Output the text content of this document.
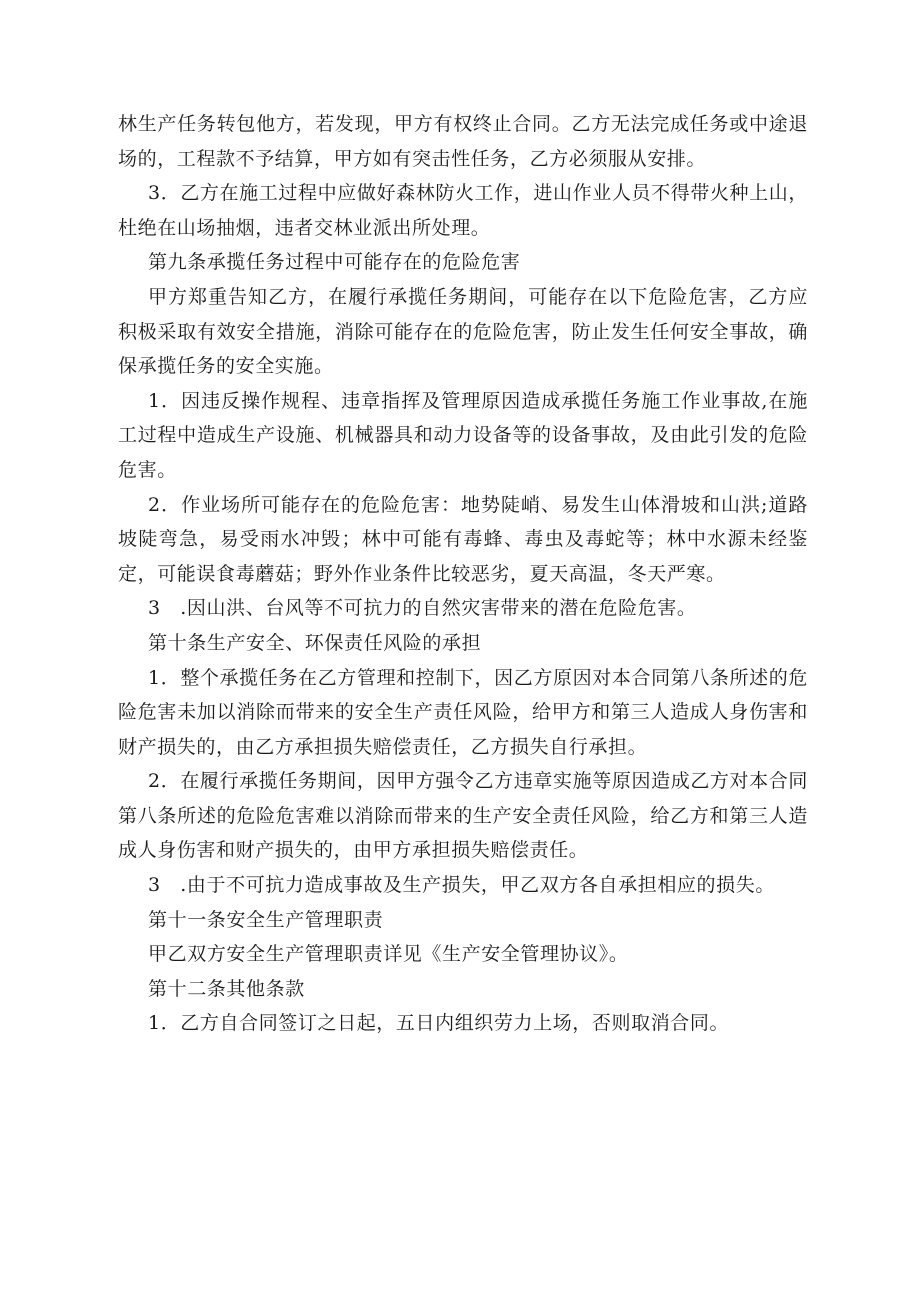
林生产任务转包他方，若发现，甲方有权终止合同。乙方无法完成任务或中途退场的，工程款不予结算，甲方如有突击性任务，乙方必须服从安排。

3．乙方在施工过程中应做好森林防火工作，进山作业人员不得带火种上山，杜绝在山场抽烟，违者交林业派出所处理。

第九条承揽任务过程中可能存在的危险危害

甲方郑重告知乙方，在履行承揽任务期间，可能存在以下危险危害，乙方应积极采取有效安全措施，消除可能存在的危险危害，防止发生任何安全事故，确保承揽任务的安全实施。

1．因违反操作规程、违章指挥及管理原因造成承揽任务施工作业事故,在施工过程中造成生产设施、机械器具和动力设备等的设备事故，及由此引发的危险危害。

2．作业场所可能存在的危险危害：地势陡峭、易发生山体滑坡和山洪;道路坡陡弯急，易受雨水冲毁；林中可能有毒蜂、毒虫及毒蛇等；林中水源未经鉴定，可能误食毒蘑菇；野外作业条件比较恶劣，夏天高温，冬天严寒。

3　.因山洪、台风等不可抗力的自然灾害带来的潜在危险危害。

第十条生产安全、环保责任风险的承担

1．整个承揽任务在乙方管理和控制下，因乙方原因对本合同第八条所述的危险危害未加以消除而带来的安全生产责任风险，给甲方和第三人造成人身伤害和财产损失的，由乙方承担损失赔偿责任，乙方损失自行承担。

2．在履行承揽任务期间，因甲方强令乙方违章实施等原因造成乙方对本合同第八条所述的危险危害难以消除而带来的生产安全责任风险，给乙方和第三人造成人身伤害和财产损失的，由甲方承担损失赔偿责任。

3　.由于不可抗力造成事故及生产损失，甲乙双方各自承担相应的损失。

第十一条安全生产管理职责

甲乙双方安全生产管理职责详见《生产安全管理协议》。

第十二条其他条款

1．乙方自合同签订之日起，五日内组织劳力上场，否则取消合同。
